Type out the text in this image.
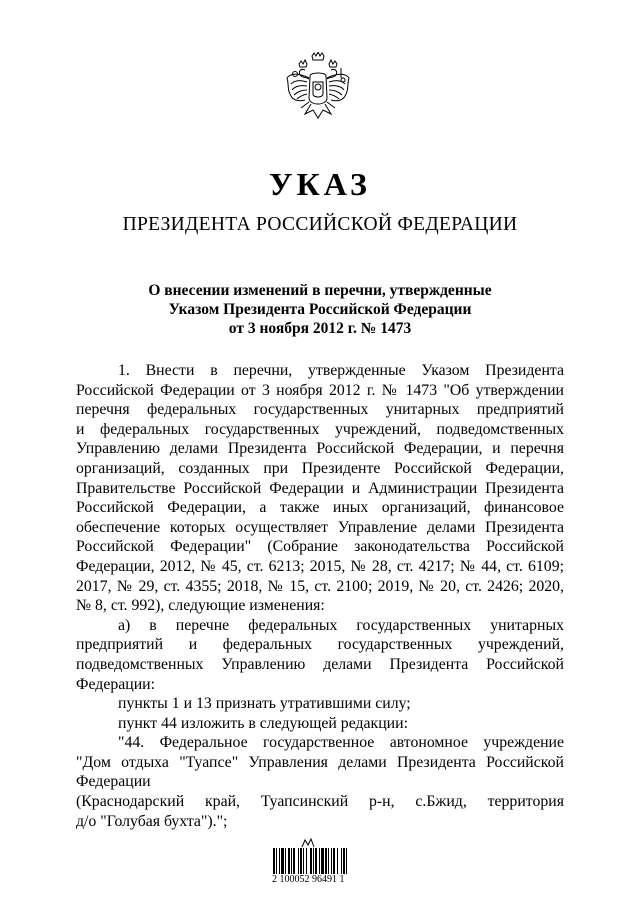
УКАЗ
ПРЕЗИДЕНТА РОССИЙСКОЙ ФЕДЕРАЦИИ
О внесении изменений в перечни, утвержденные
Указом Президента Российской Федерации
от 3 ноября 2012 г. № 1473
1. Внести в перечни, утвержденные Указом Президента
Российской Федерации от 3 ноября 2012 г. № 1473 "Об утверждении
перечня федеральных государственных унитарных предприятий
и федеральных государственных учреждений, подведомственных
Управлению делами Президента Российской Федерации, и перечня
организаций, созданных при Президенте Российской Федерации,
Правительстве Российской Федерации и Администрации Президента
Российской Федерации, а также иных организаций, финансовое
обеспечение которых осуществляет Управление делами Президента
Российской Федерации" (Собрание законодательства Российской
Федерации, 2012, № 45, ст. 6213; 2015, № 28, ст. 4217; № 44, ст. 6109;
2017, № 29, ст. 4355; 2018, № 15, ст. 2100; 2019, № 20, ст. 2426; 2020,
№ 8, ст. 992), следующие изменения:
а) в перечне федеральных государственных унитарных
предприятий и федеральных государственных учреждений,
подведомственных Управлению делами Президента Российской
Федерации:
пункты 1 и 13 признать утратившими силу;
пункт 44 изложить в следующей редакции:
"44. Федеральное государственное автономное учреждение
"Дом отдыха "Туапсе" Управления делами Президента Российской
Федерации
(Краснодарский край, Туапсинский р-н, с.Бжид, территория
д/о "Голубая бухта").";
2 100052 96491 1
